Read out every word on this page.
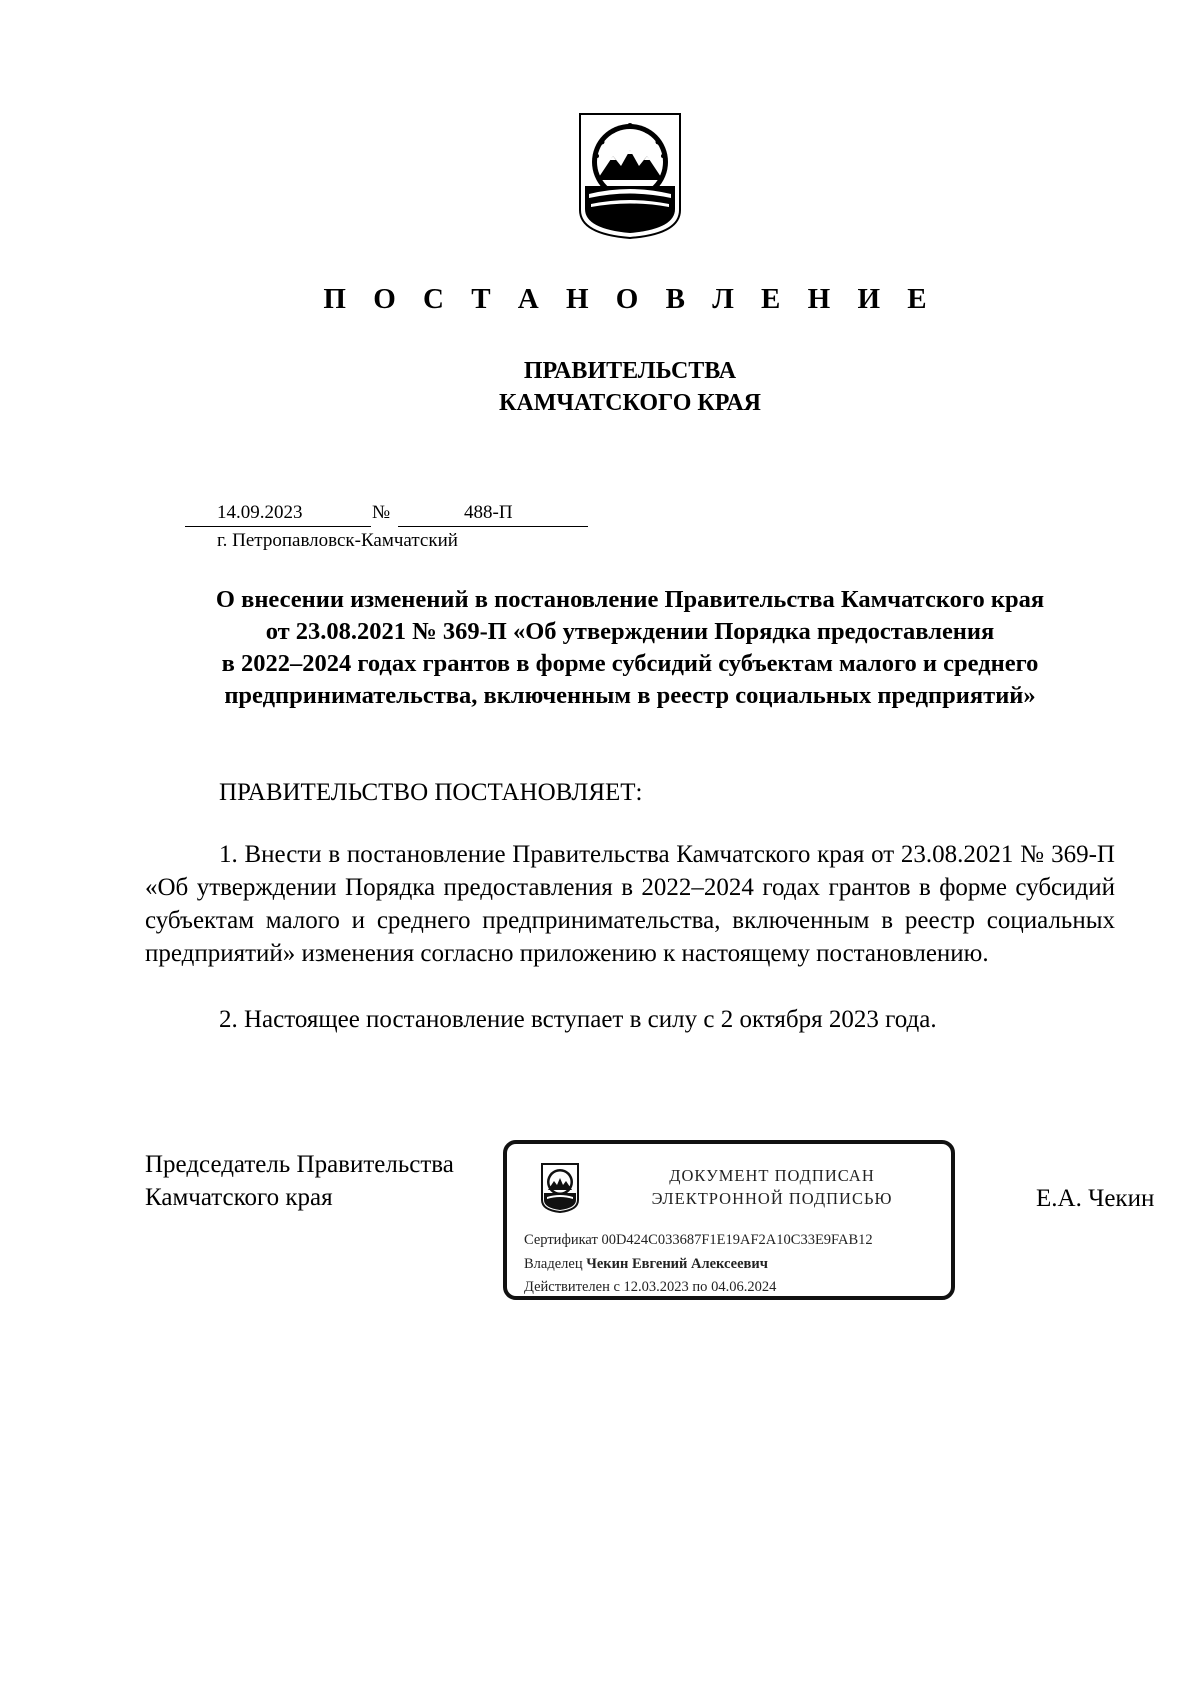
П О С Т А Н О В Л Е Н И Е
ПРАВИТЕЛЬСТВА
КАМЧАТСКОГО КРАЯ
14.09.2023	№	488-П
г. Петропавловск-Камчатский
О внесении изменений в постановление Правительства Камчатского края
от 23.08.2021 № 369-П «Об утверждении Порядка предоставления
в 2022–2024 годах грантов в форме субсидий субъектам малого и среднего
предпринимательства, включенным в реестр социальных предприятий»
ПРАВИТЕЛЬСТВО ПОСТАНОВЛЯЕТ:
1. Внести в постановление Правительства Камчатского края от 23.08.2021 № 369-П «Об утверждении Порядка предоставления в 2022–2024 годах грантов в форме субсидий субъектам малого и среднего предпринимательства, включенным в реестр социальных предприятий» изменения согласно приложению к настоящему постановлению.
2. Настоящее постановление вступает в силу с 2 октября 2023 года.
Председатель Правительства
Камчатского края	Е.А. Чекин
ДОКУМЕНТ ПОДПИСАН
ЭЛЕКТРОННОЙ ПОДПИСЬЮ
Сертификат 00D424C033687F1E19AF2A10C33E9FAB12
Владелец Чекин Евгений Алексеевич
Действителен с 12.03.2023 по 04.06.2024
